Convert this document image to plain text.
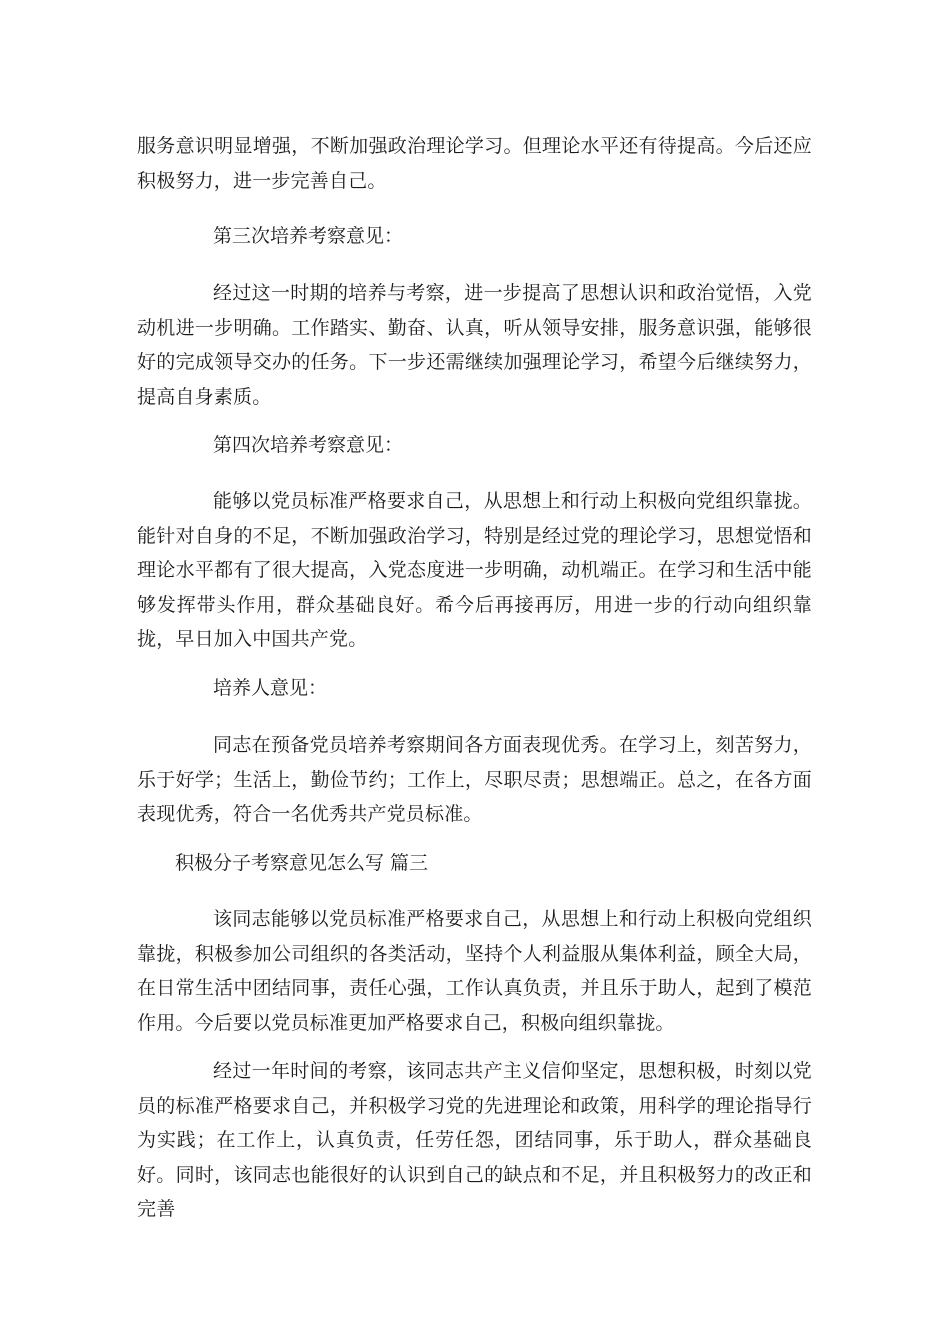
服务意识明显增强，不断加强政治理论学习。但理论水平还有待提高。今后还应积极努力，进一步完善自己。

第三次培养考察意见：

经过这一时期的培养与考察，进一步提高了思想认识和政治觉悟，入党动机进一步明确。工作踏实、勤奋、认真，听从领导安排，服务意识强，能够很好的完成领导交办的任务。下一步还需继续加强理论学习，希望今后继续努力，提高自身素质。

第四次培养考察意见：

能够以党员标准严格要求自己，从思想上和行动上积极向党组织靠拢。能针对自身的不足，不断加强政治学习，特别是经过党的理论学习，思想觉悟和理论水平都有了很大提高，入党态度进一步明确，动机端正。在学习和生活中能够发挥带头作用，群众基础良好。希今后再接再厉，用进一步的行动向组织靠拢，早日加入中国共产党。

培养人意见：

同志在预备党员培养考察期间各方面表现优秀。在学习上，刻苦努力，乐于好学；生活上，勤俭节约；工作上，尽职尽责；思想端正。总之，在各方面表现优秀，符合一名优秀共产党员标准。

积极分子考察意见怎么写 篇三

该同志能够以党员标准严格要求自己，从思想上和行动上积极向党组织靠拢，积极参加公司组织的各类活动，坚持个人利益服从集体利益，顾全大局，在日常生活中团结同事，责任心强，工作认真负责，并且乐于助人，起到了模范作用。今后要以党员标准更加严格要求自己，积极向组织靠拢。

经过一年时间的考察，该同志共产主义信仰坚定，思想积极，时刻以党员的标准严格要求自己，并积极学习党的先进理论和政策，用科学的理论指导行为实践；在工作上，认真负责，任劳任怨，团结同事，乐于助人，群众基础良好。同时，该同志也能很好的认识到自己的缺点和不足，并且积极努力的改正和完善
